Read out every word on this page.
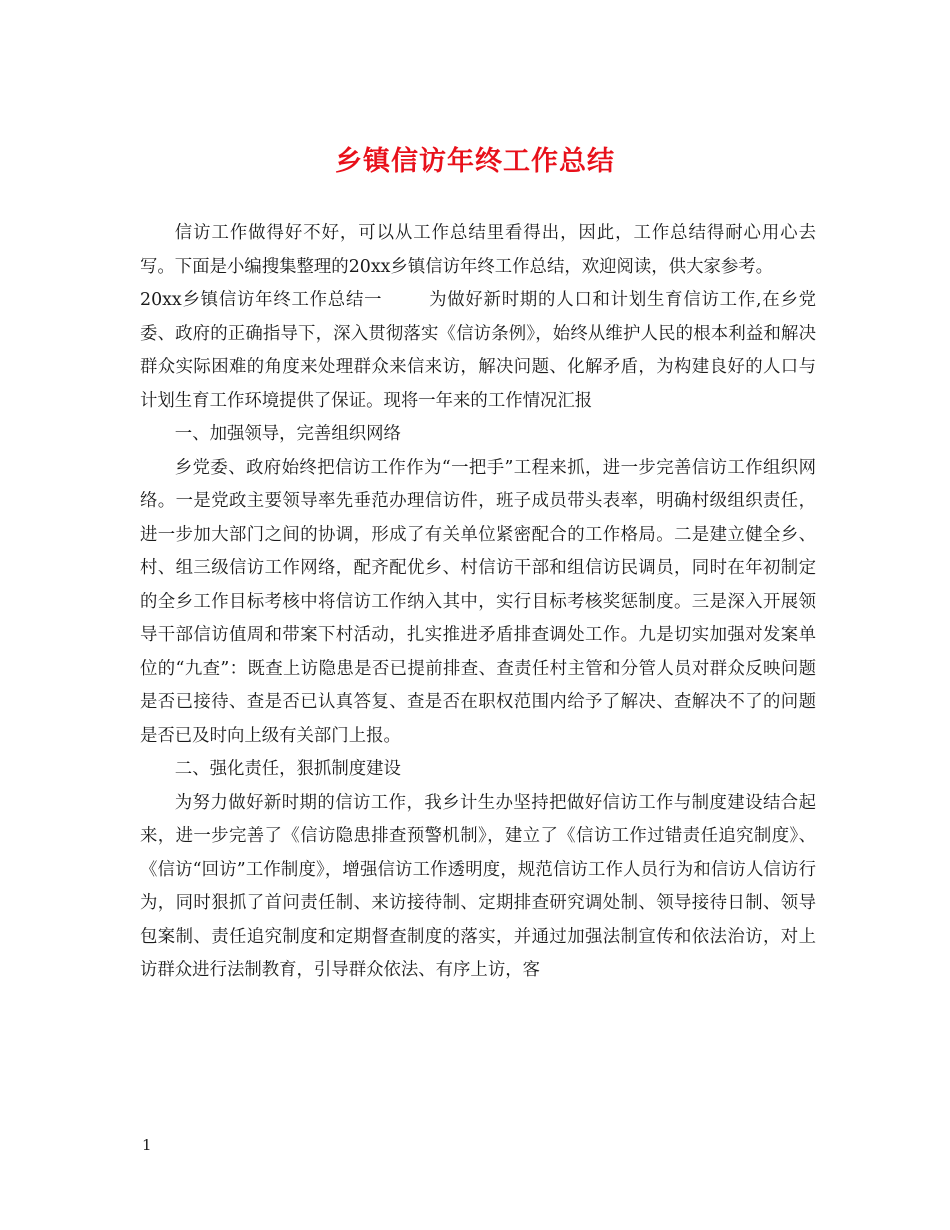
乡镇信访年终工作总结

信访工作做得好不好，可以从工作总结里看得出，因此，工作总结得耐心用心去写。下面是小编搜集整理的20xx乡镇信访年终工作总结，欢迎阅读，供大家参考。

20xx乡镇信访年终工作总结一	为做好新时期的人口和计划生育信访工作,在乡党委、政府的正确指导下，深入贯彻落实《信访条例》，始终从维护人民的根本利益和解决群众实际困难的角度来处理群众来信来访，解决问题、化解矛盾，为构建良好的人口与计划生育工作环境提供了保证。现将一年来的工作情况汇报

一、加强领导，完善组织网络

乡党委、政府始终把信访工作作为“一把手”工程来抓，进一步完善信访工作组织网络。一是党政主要领导率先垂范办理信访件，班子成员带头表率，明确村级组织责任，进一步加大部门之间的协调，形成了有关单位紧密配合的工作格局。二是建立健全乡、村、组三级信访工作网络，配齐配优乡、村信访干部和组信访民调员，同时在年初制定的全乡工作目标考核中将信访工作纳入其中，实行目标考核奖惩制度。三是深入开展领导干部信访值周和带案下村活动，扎实推进矛盾排查调处工作。九是切实加强对发案单位的“九查”：既查上访隐患是否已提前排查、查责任村主管和分管人员对群众反映问题是否已接待、查是否已认真答复、查是否在职权范围内给予了解决、查解决不了的问题是否已及时向上级有关部门上报。

二、强化责任，狠抓制度建设

为努力做好新时期的信访工作，我乡计生办坚持把做好信访工作与制度建设结合起来，进一步完善了《信访隐患排查预警机制》，建立了《信访工作过错责任追究制度》、《信访“回访”工作制度》，增强信访工作透明度，规范信访工作人员行为和信访人信访行为，同时狠抓了首问责任制、来访接待制、定期排查研究调处制、领导接待日制、领导包案制、责任追究制度和定期督查制度的落实，并通过加强法制宣传和依法治访，对上访群众进行法制教育，引导群众依法、有序上访，客

1
